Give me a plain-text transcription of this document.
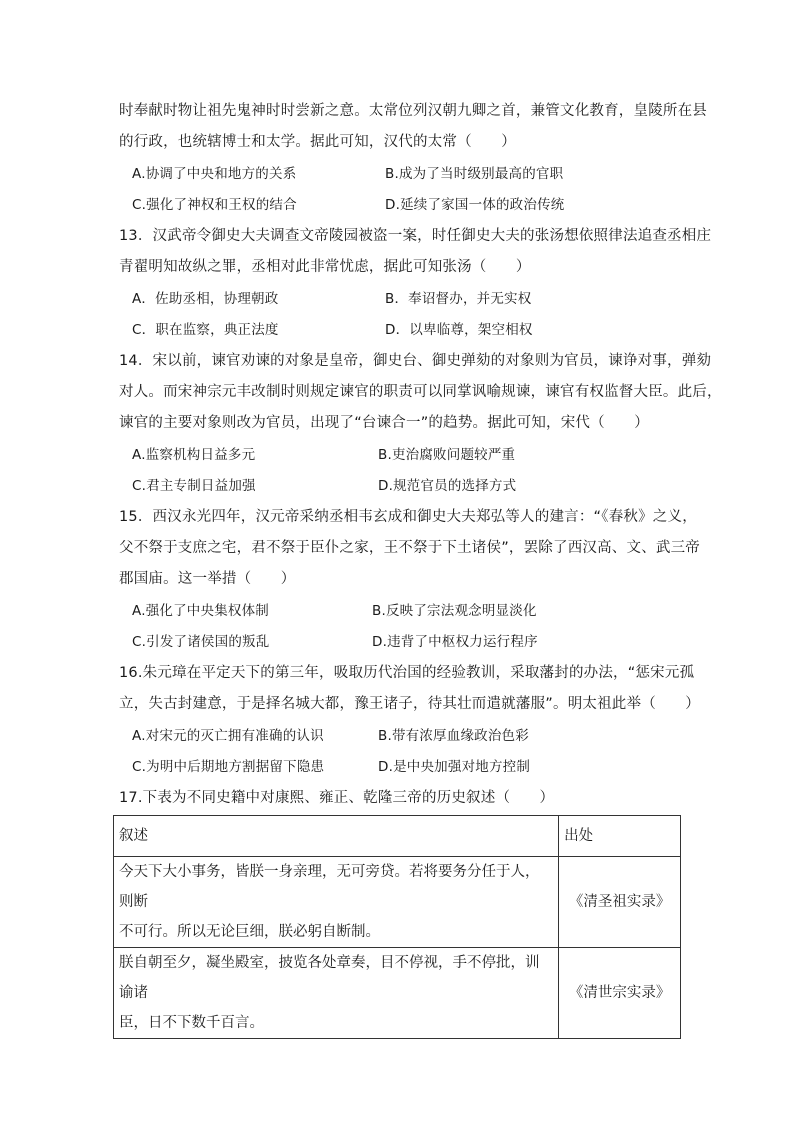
时奉献时物让祖先鬼神时时尝新之意。太常位列汉朝九卿之首，兼管文化教育，皇陵所在县
的行政，也统辖博士和太学。据此可知，汉代的太常（　　）
A.协调了中央和地方的关系	B.成为了当时级别最高的官职
C.强化了神权和王权的结合	D.延续了家国一体的政治传统
13．汉武帝令御史大夫调查文帝陵园被盗一案，时任御史大夫的张汤想依照律法追查丞相庄
青翟明知故纵之罪，丞相对此非常忧虑，据此可知张汤（　　）
A．佐助丞相，协理朝政	B．奉诏督办，并无实权
C．职在监察，典正法度	D．以卑临尊，架空相权
14．宋以前，谏官劝谏的对象是皇帝，御史台、御史弹劾的对象则为官员，谏诤对事，弹劾
对人。而宋神宗元丰改制时则规定谏官的职责可以同掌讽喻规谏，谏官有权监督大臣。此后，
谏官的主要对象则改为官员，出现了“台谏合一”的趋势。据此可知，宋代（　　）
A.监察机构日益多元	B.吏治腐败问题较严重
C.君主专制日益加强	D.规范官员的选择方式
15．西汉永光四年，汉元帝采纳丞相韦玄成和御史大夫郑弘等人的建言：“《春秋》之义，
父不祭于支庶之宅，君不祭于臣仆之家，王不祭于下土诸侯”，罢除了西汉高、文、武三帝
郡国庙。这一举措（　　）
A.强化了中央集权体制	B.反映了宗法观念明显淡化
C.引发了诸侯国的叛乱	D.违背了中枢权力运行程序
16.朱元璋在平定天下的第三年，吸取历代治国的经验教训，采取藩封的办法，“惩宋元孤
立，失古封建意，于是择名城大都，豫王诸子，待其壮而遣就藩服”。明太祖此举（　　）
A.对宋元的灭亡拥有准确的认识	B.带有浓厚血缘政治色彩
C.为明中后期地方割据留下隐患	D.是中央加强对地方控制
17.下表为不同史籍中对康熙、雍正、乾隆三帝的历史叙述（　　）
叙述	出处

今天下大小事务，皆朕一身亲理，无可旁贷。若将要务分任于人，则断
不可行。所以无论巨细，朕必躬自断制。	《清圣祖实录》

朕自朝至夕，凝坐殿室，披览各处章奏，目不停视，手不停批，训谕诸
臣，日不下数千百言。	《清世宗实录》
